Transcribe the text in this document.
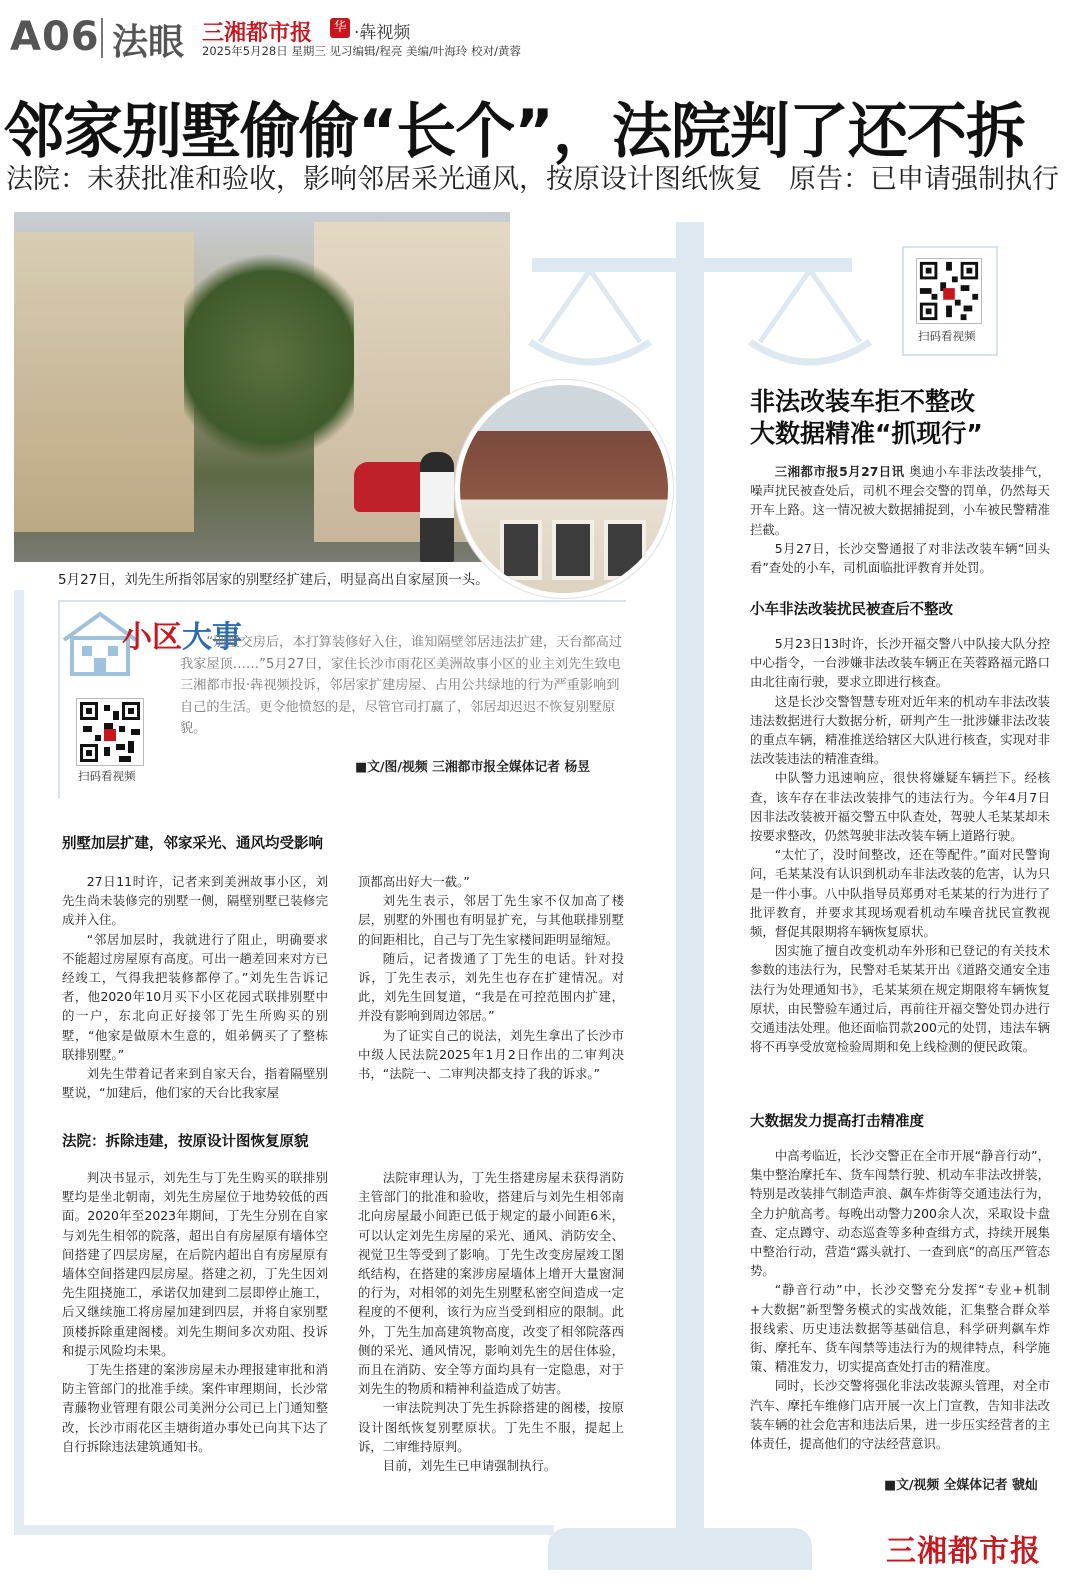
A06 法眼 三湘都市报 华 ·犇视频
2025年5月28日 星期三 见习编辑/程亮 美编/叶海玲 校对/黄蓉
邻家别墅偷偷“长个”，法院判了还不拆
法院：未获批准和验收，影响邻居采光通风，按原设计图纸恢复　原告：已申请强制执行
5月27日，刘先生所指邻居家的别墅经扩建后，明显高出自家屋顶一头。
小区大事
扫码看视频
“别墅交房后，本打算装修好入住，谁知隔壁邻居违法扩建，天台都高过我家屋顶……”5月27日，家住长沙市雨花区美洲故事小区的业主刘先生致电三湘都市报·犇视频投诉，邻居家扩建房屋、占用公共绿地的行为严重影响到自己的生活。更令他愤怒的是，尽管官司打赢了，邻居却迟迟不恢复别墅原貌。
■文/图/视频 三湘都市报全媒体记者 杨昱
别墅加层扩建，邻家采光、通风均受影响

27日11时许，记者来到美洲故事小区，刘先生尚未装修完的别墅一侧，隔壁别墅已装修完成并入住。

“邻居加层时，我就进行了阻止，明确要求不能超过房屋原有高度。可出一趟差回来对方已经竣工，气得我把装修都停了。”刘先生告诉记者，他2020年10月买下小区花园式联排别墅中的一户，东北向正好接邻丁先生所购买的别墅，“他家是做原木生意的，姐弟俩买了了整栋联排别墅。”

刘先生带着记者来到自家天台，指着隔壁别墅说，“加建后，他们家的天台比我家屋

顶都高出好大一截。”

刘先生表示，邻居丁先生家不仅加高了楼层，别墅的外围也有明显扩充，与其他联排别墅的间距相比，自己与丁先生家楼间距明显缩短。

随后，记者拨通了丁先生的电话。针对投诉，丁先生表示，刘先生也存在扩建情况。对此，刘先生回复道，“我是在可控范围内扩建，并没有影响到周边邻居。”

为了证实自己的说法，刘先生拿出了长沙市中级人民法院2025年1月2日作出的二审判决书，“法院一、二审判决都支持了我的诉求。”

法院：拆除违建，按原设计图恢复原貌

判决书显示，刘先生与丁先生购买的联排别墅均是坐北朝南，刘先生房屋位于地势较低的西面。2020年至2023年期间，丁先生分别在自家与刘先生相邻的院落，超出自有房屋原有墙体空间搭建了四层房屋，在后院内超出自有房屋原有墙体空间搭建四层房屋。搭建之初，丁先生因刘先生阻挠施工，承诺仅加建到二层即停止施工，后又继续施工将房屋加建到四层，并将自家别墅顶楼拆除重建阁楼。刘先生期间多次劝阻、投诉和提示风险均未果。

丁先生搭建的案涉房屋未办理报建审批和消防主管部门的批准手续。案件审理期间，长沙常青藤物业管理有限公司美洲分公司已上门通知整改，长沙市雨花区圭塘街道办事处已向其下达了自行拆除违法建筑通知书。

法院审理认为，丁先生搭建房屋未获得消防主管部门的批准和验收，搭建后与刘先生相邻南北向房屋最小间距已低于规定的最小间距6米，可以认定刘先生房屋的采光、通风、消防安全、视觉卫生等受到了影响。丁先生改变房屋竣工图纸结构，在搭建的案涉房屋墙体上增开大量窗洞的行为，对相邻的刘先生别墅私密空间造成一定程度的不便利，该行为应当受到相应的限制。此外，丁先生加高建筑物高度，改变了相邻院落西侧的采光、通风情况，影响刘先生的居住体验，而且在消防、安全等方面均具有一定隐患，对于刘先生的物质和精神利益造成了妨害。

一审法院判决丁先生拆除搭建的阁楼，按原设计图纸恢复别墅原状。丁先生不服，提起上诉，二审维持原判。

目前，刘先生已申请强制执行。

扫码看视频
非法改装车拒不整改
大数据精准“抓现行”

三湘都市报5月27日讯 奥迪小车非法改装排气，噪声扰民被查处后，司机不理会交警的罚单，仍然每天开车上路。这一情况被大数据捕捉到，小车被民警精准拦截。

5月27日，长沙交警通报了对非法改装车辆“回头看”查处的小车，司机面临批评教育并处罚。

小车非法改装扰民被查后不整改

5月23日13时许，长沙开福交警八中队接大队分控中心指令，一台涉嫌非法改装车辆正在芙蓉路福元路口由北往南行驶，要求立即进行核查。

这是长沙交警智慧专班对近年来的机动车非法改装违法数据进行大数据分析，研判产生一批涉嫌非法改装的重点车辆，精准推送给辖区大队进行核查，实现对非法改装违法的精准查缉。

中队警力迅速响应，很快将嫌疑车辆拦下。经核查，该车存在非法改装排气的违法行为。今年4月7日因非法改装被开福交警五中队查处，驾驶人毛某某却未按要求整改，仍然驾驶非法改装车辆上道路行驶。

“太忙了，没时间整改，还在等配件。”面对民警询问，毛某某没有认识到机动车非法改装的危害，认为只是一件小事。八中队指导员郑勇对毛某某的行为进行了批评教育，并要求其现场观看机动车噪音扰民宣教视频，督促其限期将车辆恢复原状。

因实施了擅自改变机动车外形和已登记的有关技术参数的违法行为，民警对毛某某开出《道路交通安全违法行为处理通知书》，毛某某须在规定期限将车辆恢复原状，由民警验车通过后，再前往开福交警处罚办进行交通违法处理。他还面临罚款200元的处罚，违法车辆将不再享受放宽检验周期和免上线检测的便民政策。

大数据发力提高打击精准度

中高考临近，长沙交警正在全市开展“静音行动”，集中整治摩托车、货车闯禁行驶、机动车非法改拼装，特别是改装排气制造声浪、飙车炸街等交通违法行为，全力护航高考。每晚出动警力200余人次，采取设卡盘查、定点蹲守、动态巡查等多种查缉方式，持续开展集中整治行动，营造“露头就打、一查到底”的高压严管态势。

“静音行动”中，长沙交警充分发挥“专业+机制+大数据”新型警务模式的实战效能，汇集整合群众举报线索、历史违法数据等基础信息，科学研判飙车炸街、摩托车、货车闯禁等违法行为的规律特点，科学施策、精准发力，切实提高查处打击的精准度。

同时，长沙交警将强化非法改装源头管理，对全市汽车、摩托车维修门店开展一次上门宣教，告知非法改装车辆的社会危害和违法后果，进一步压实经营者的主体责任，提高他们的守法经营意识。

■文/视频 全媒体记者 虢灿
三湘都市报
